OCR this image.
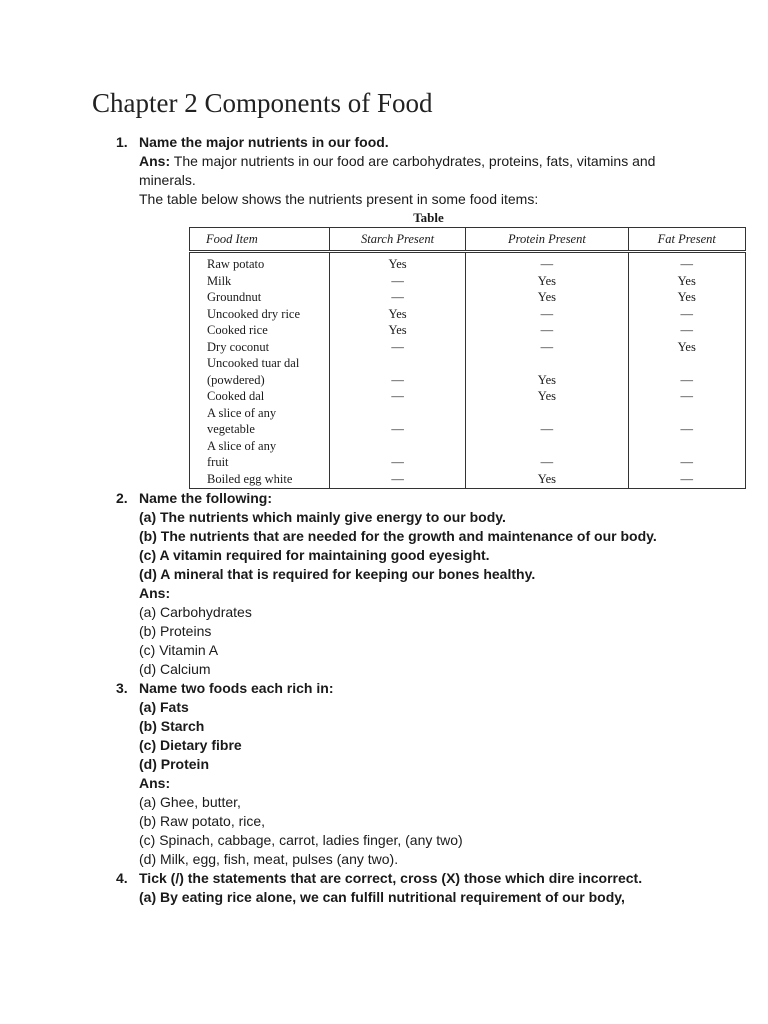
Chapter 2 Components of Food
1. Name the major nutrients in our food.
Ans: The major nutrients in our food are carbohydrates, proteins, fats, vitamins and minerals.
The table below shows the nutrients present in some food items:
Table
Food Item	Starch Present	Protein Present	Fat Present
Raw potato	Yes	—	—
Milk	—	Yes	Yes
Groundnut	—	Yes	Yes
Uncooked dry rice	Yes	—	—
Cooked rice	Yes	—	—
Dry coconut	—	—	Yes
Uncooked tuar dal			
(powdered)	—	Yes	—
Cooked dal	—	Yes	—
A slice of any			
vegetable	—	—	—
A slice of any			
fruit	—	—	—
Boiled egg white	—	Yes	—
2. Name the following:
(a) The nutrients which mainly give energy to our body.
(b) The nutrients that are needed for the growth and maintenance of our body.
(c) A vitamin required for maintaining good eyesight.
(d) A mineral that is required for keeping our bones healthy.
Ans:
(a) Carbohydrates
(b) Proteins
(c) Vitamin A
(d) Calcium
3. Name two foods each rich in:
(a) Fats
(b) Starch
(c) Dietary fibre
(d) Protein
Ans:
(a) Ghee, butter,
(b) Raw potato, rice,
(c) Spinach, cabbage, carrot, ladies finger, (any two)
(d) Milk, egg, fish, meat, pulses (any two).
4. Tick (/) the statements that are correct, cross (X) those which dire incorrect.
(a) By eating rice alone, we can fulfill nutritional requirement of our body,
